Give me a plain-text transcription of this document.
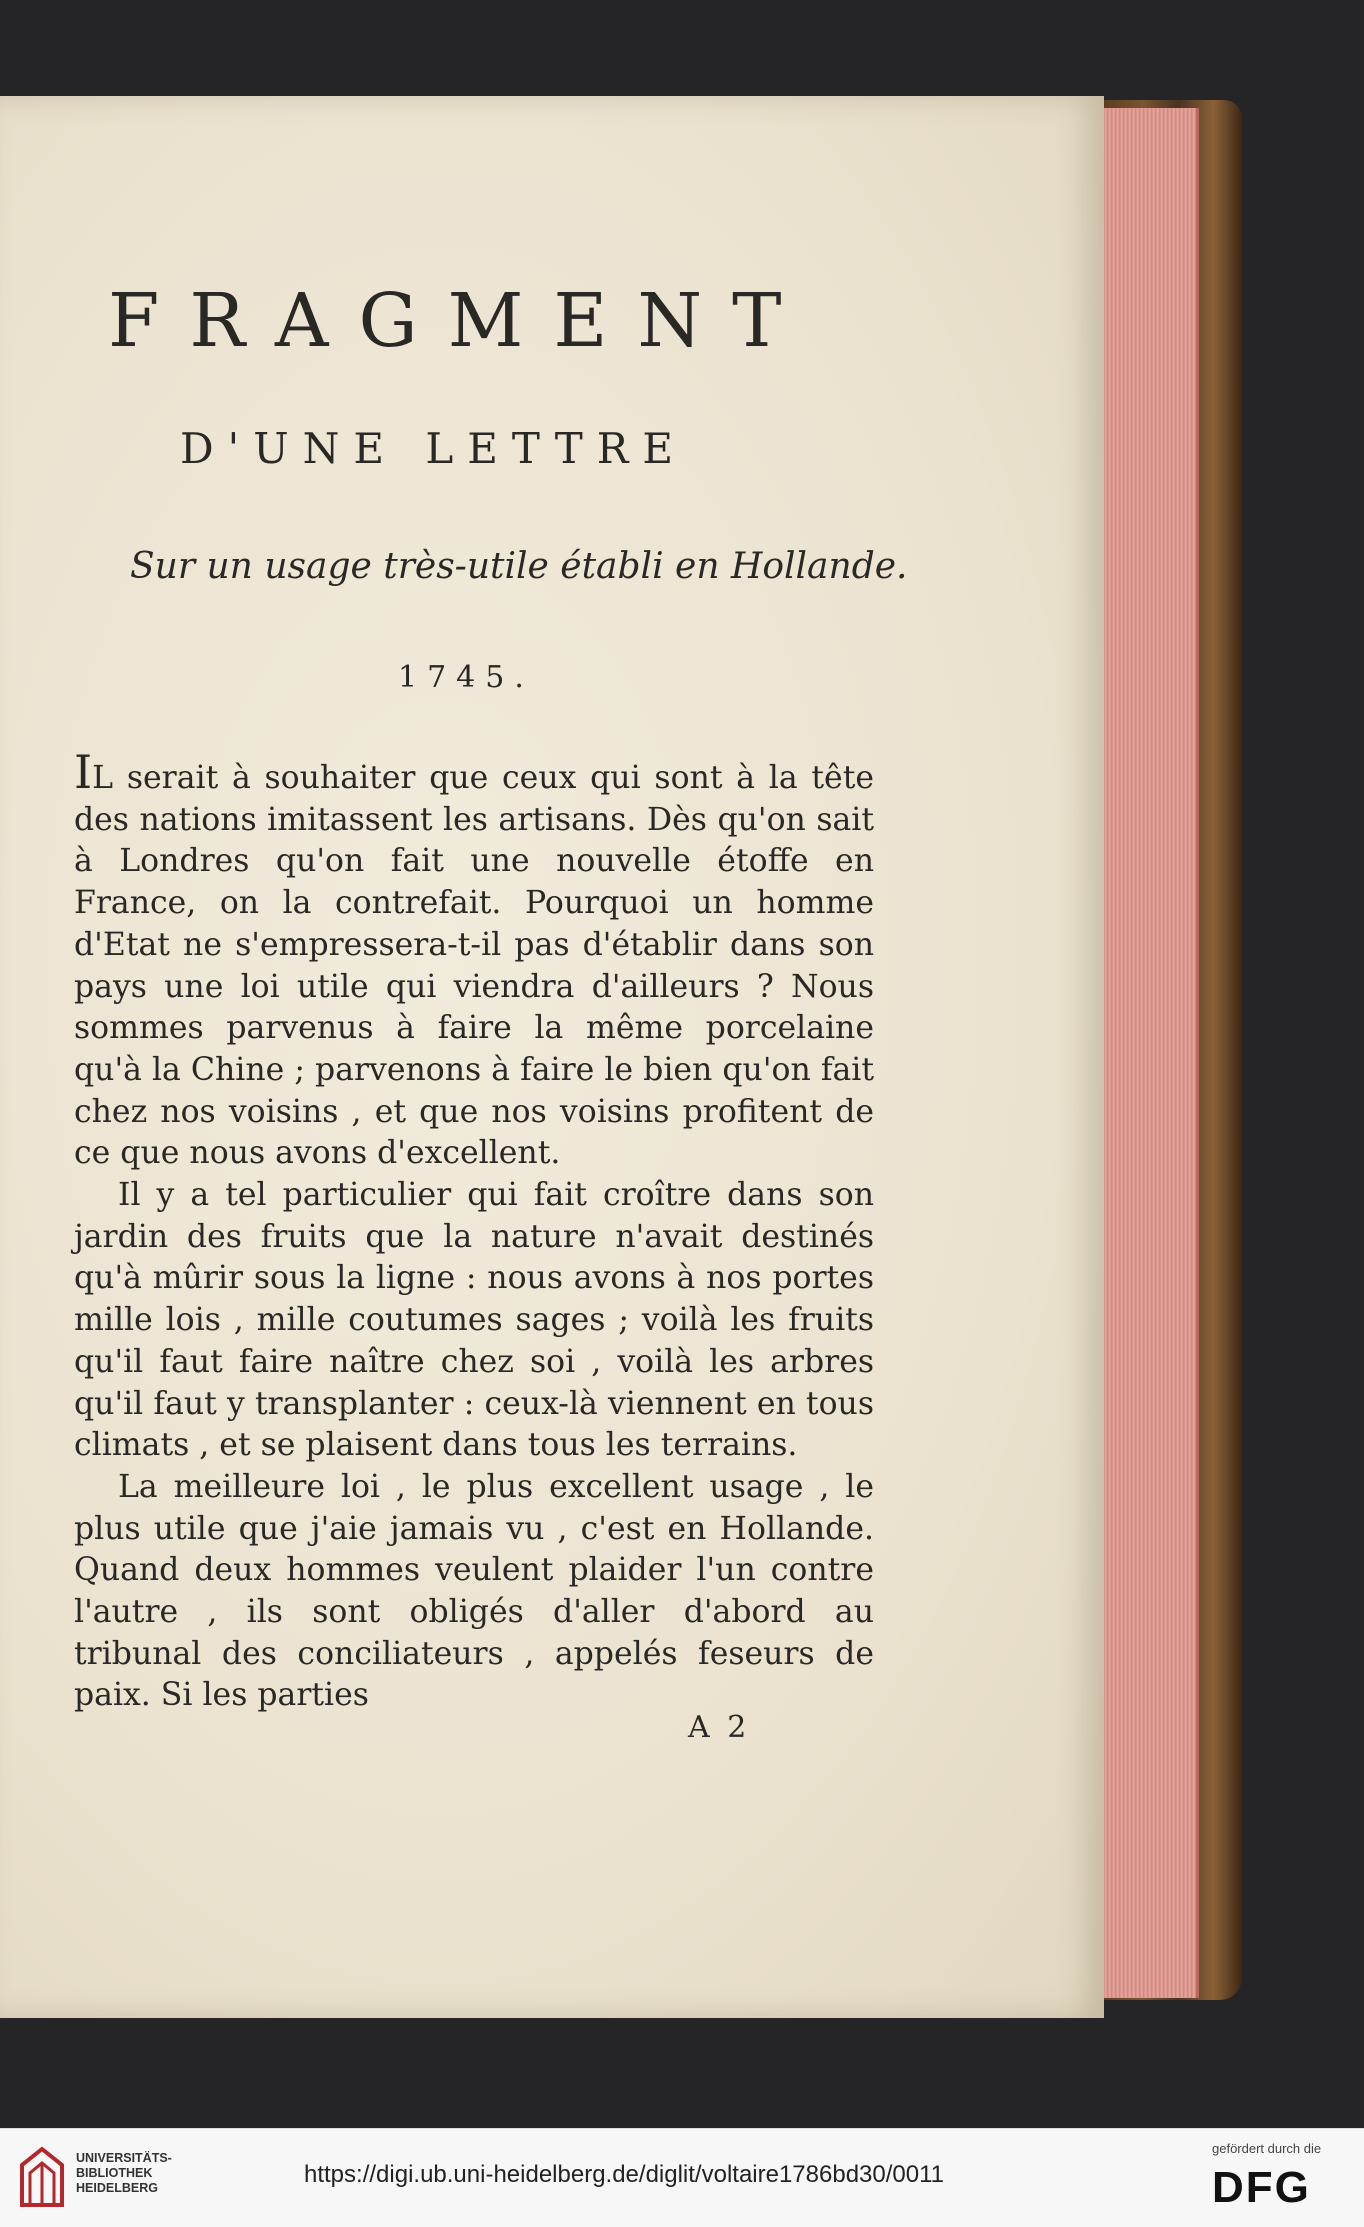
FRAGMENT
D'UNE LETTRE
Sur un usage très-utile établi en Hollande.
1745.

IL serait à souhaiter que ceux qui sont à la tête des nations imitassent les artisans. Dès qu'on sait à Londres qu'on fait une nouvelle étoffe en France, on la contrefait. Pourquoi un homme d'Etat ne s'empressera-t-il pas d'établir dans son pays une loi utile qui viendra d'ailleurs ? Nous sommes parvenus à faire la même porcelaine qu'à la Chine ; parvenons à faire le bien qu'on fait chez nos voisins , et que nos voisins profitent de ce que nous avons d'excellent.

Il y a tel particulier qui fait croître dans son jardin des fruits que la nature n'avait destinés qu'à mûrir sous la ligne : nous avons à nos portes mille lois , mille coutumes sages ; voilà les fruits qu'il faut faire naître chez soi , voilà les arbres qu'il faut y transplanter : ceux-là viennent en tous climats , et se plaisent dans tous les terrains.

La meilleure loi , le plus excellent usage , le plus utile que j'aie jamais vu , c'est en Hollande. Quand deux hommes veulent plaider l'un contre l'autre , ils sont obligés d'aller d'abord au tribunal des conciliateurs , appelés feseurs de paix. Si les parties

A 2
UNIVERSITÄTS-
BIBLIOTHEK
HEIDELBERG	https://digi.ub.uni-heidelberg.de/diglit/voltaire1786bd30/0011
gefördert durch die
DFG
